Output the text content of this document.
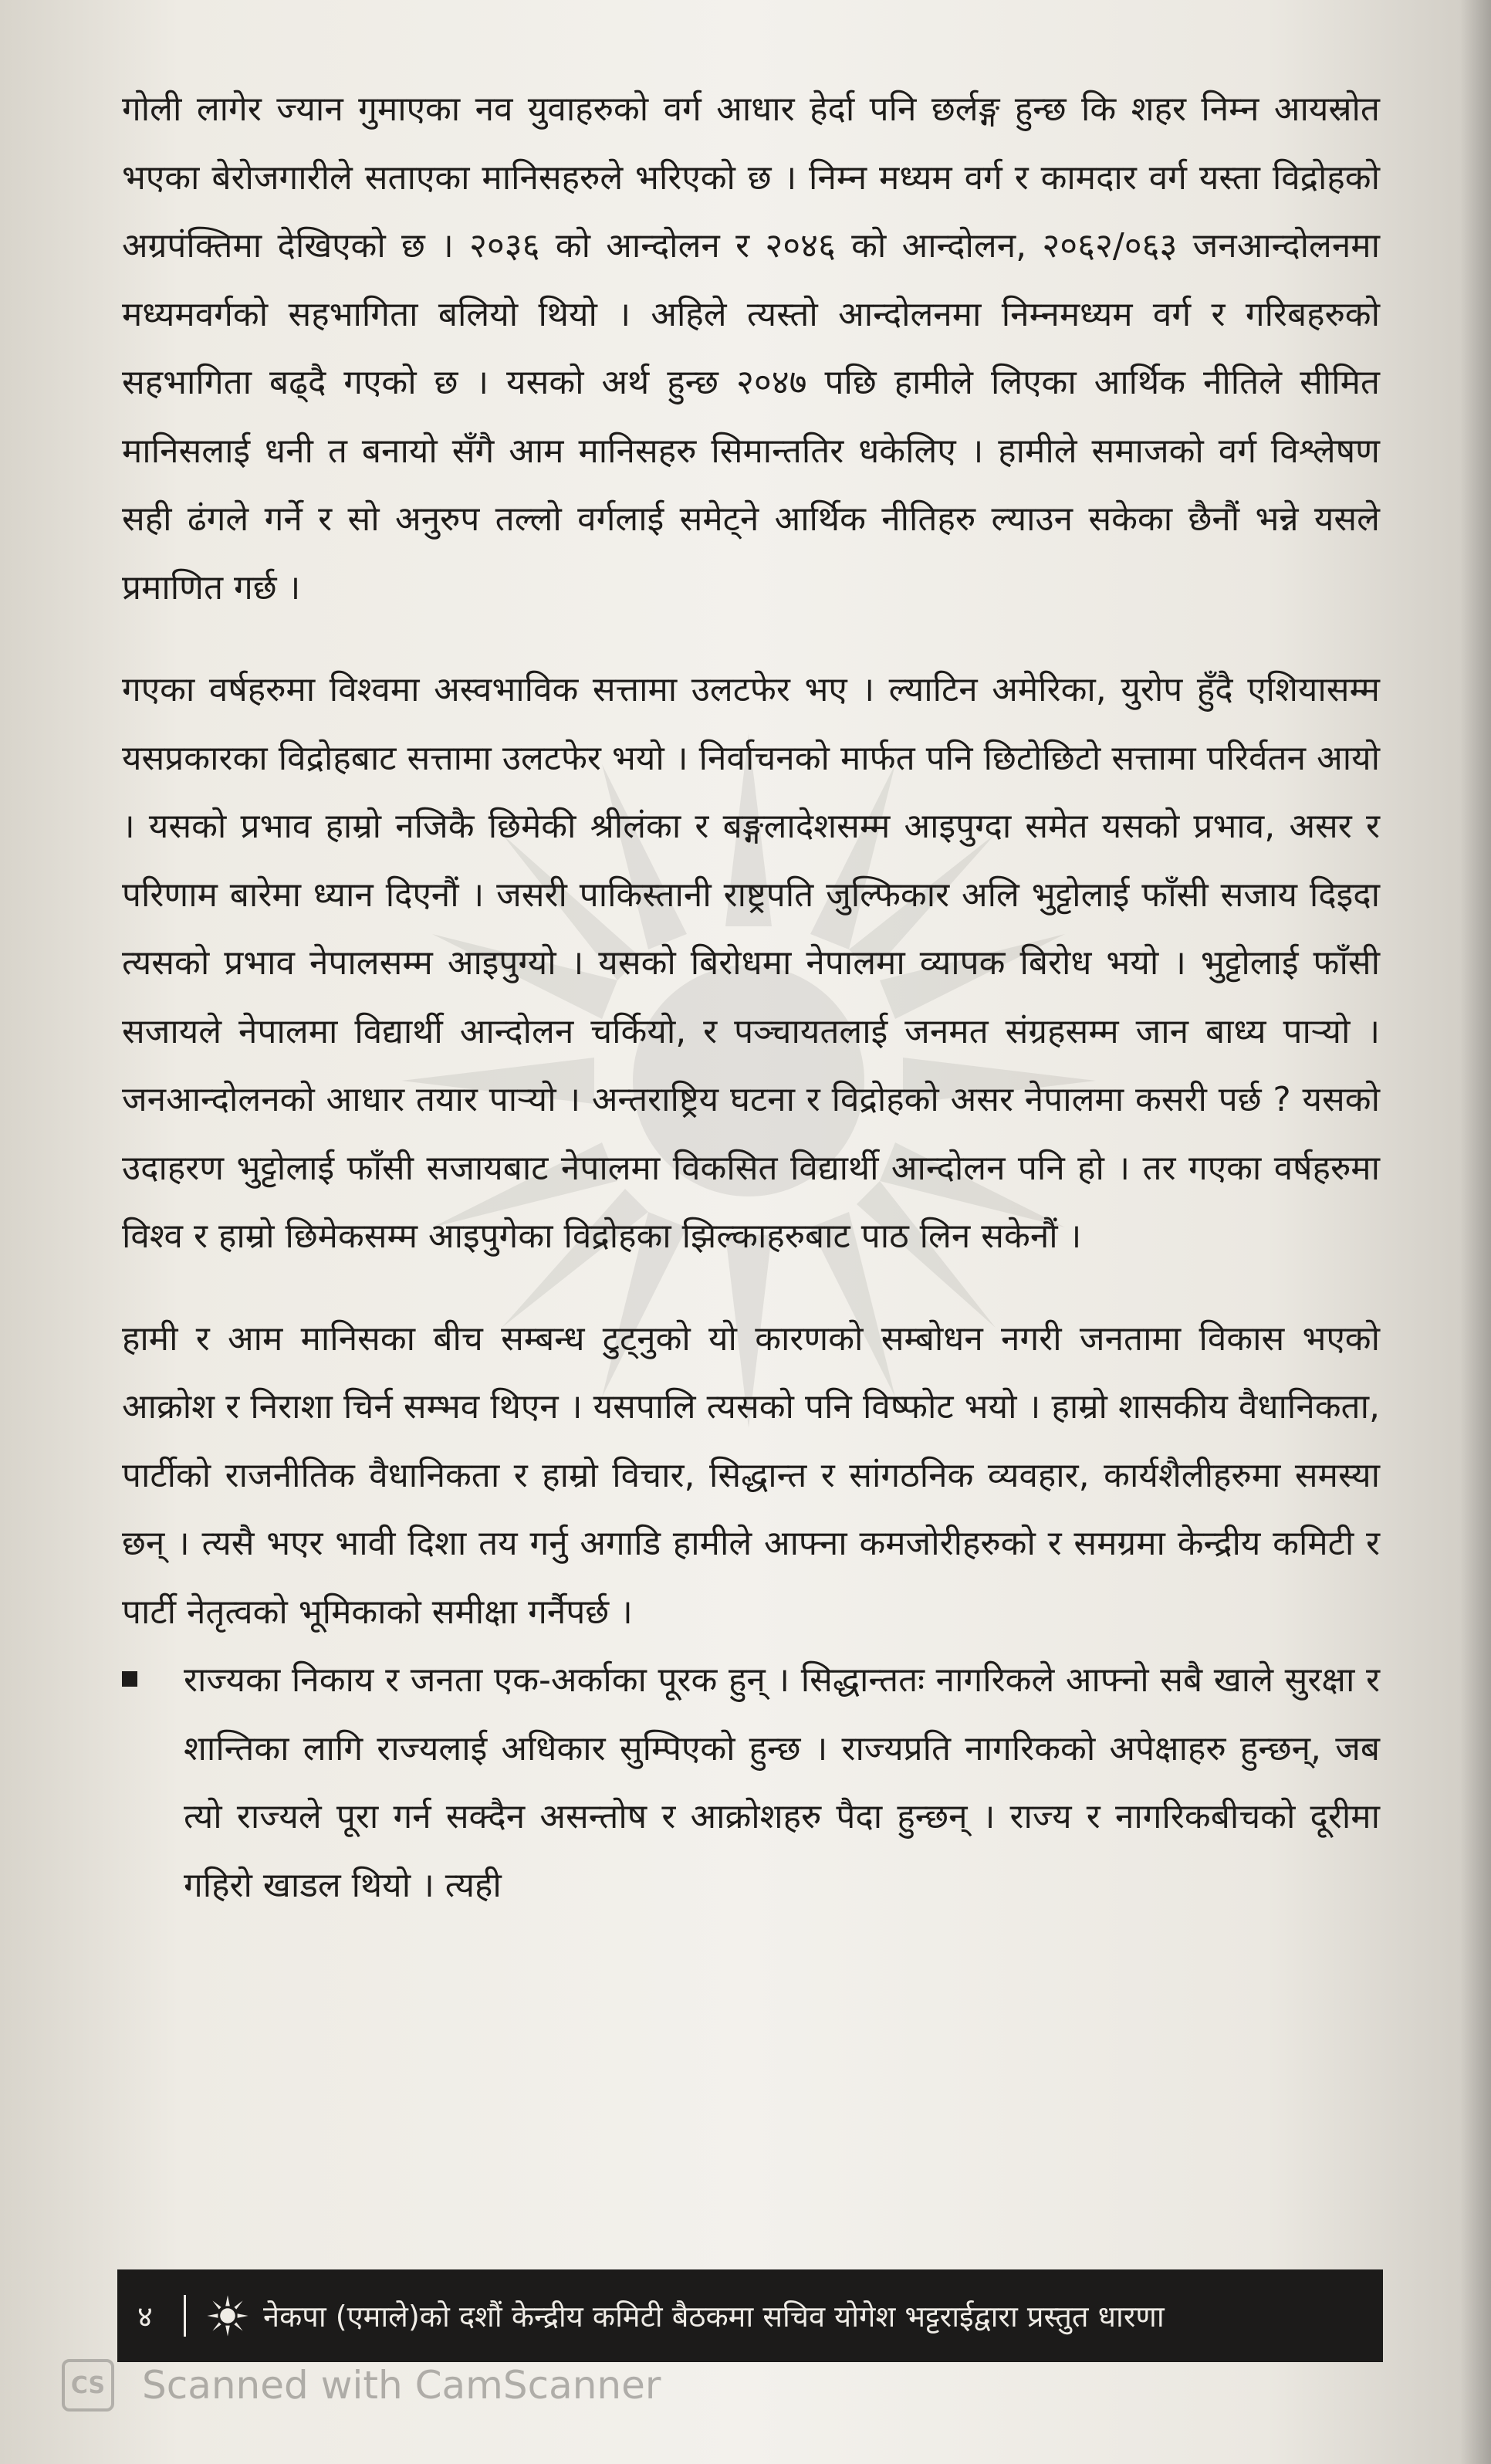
गोली लागेर ज्यान गुमाएका नव युवाहरुको वर्ग आधार हेर्दा पनि छर्लङ्ग हुन्छ कि शहर निम्न आयस्रोत भएका बेरोजगारीले सताएका मानिसहरुले भरिएको छ । निम्न मध्यम वर्ग र कामदार वर्ग यस्ता विद्रोहको अग्रपंक्तिमा देखिएको छ । २०३६ को आन्दोलन र २०४६ को आन्दोलन, २०६२/०६३ जनआन्दोलनमा मध्यमवर्गको सहभागिता बलियो थियो । अहिले त्यस्तो आन्दोलनमा निम्नमध्यम वर्ग र गरिबहरुको सहभागिता बढ्दै गएको छ । यसको अर्थ हुन्छ २०४७ पछि हामीले लिएका आर्थिक नीतिले सीमित मानिसलाई धनी त बनायो सँगै आम मानिसहरु सिमान्ततिर धकेलिए । हामीले समाजको वर्ग विश्लेषण सही ढंगले गर्ने र सो अनुरुप तल्लो वर्गलाई समेट्ने आर्थिक नीतिहरु ल्याउन सकेका छैनौं भन्ने यसले प्रमाणित गर्छ ।

गएका वर्षहरुमा विश्वमा अस्वभाविक सत्तामा उलटफेर भए । ल्याटिन अमेरिका, युरोप हुँदै एशियासम्म यसप्रकारका विद्रोहबाट सत्तामा उलटफेर भयो । निर्वाचनको मार्फत पनि छिटोछिटो सत्तामा परिर्वतन आयो । यसको प्रभाव हाम्रो नजिकै छिमेकी श्रीलंका र बङ्गलादेशसम्म आइपुग्दा समेत यसको प्रभाव, असर र परिणाम बारेमा ध्यान दिएनौं । जसरी पाकिस्तानी राष्ट्रपति जुल्फिकार अलि भुट्टोलाई फाँसी सजाय दिइदा त्यसको प्रभाव नेपालसम्म आइपुग्यो । यसको बिरोधमा नेपालमा व्यापक बिरोध भयो । भुट्टोलाई फाँसी सजायले नेपालमा विद्यार्थी आन्दोलन चर्कियो, र पञ्चायतलाई जनमत संग्रहसम्म जान बाध्य पाऱ्यो । जनआन्दोलनको आधार तयार पाऱ्यो । अन्तराष्ट्रिय घटना र विद्रोहको असर नेपालमा कसरी पर्छ ? यसको उदाहरण भुट्टोलाई फाँसी सजायबाट नेपालमा विकसित विद्यार्थी आन्दोलन पनि हो । तर गएका वर्षहरुमा विश्व र हाम्रो छिमेकसम्म आइपुगेका विद्रोहका झिल्काहरुबाट पाठ लिन सकेनौं ।

हामी र आम मानिसका बीच सम्बन्ध टुट्नुको यो कारणको सम्बोधन नगरी जनतामा विकास भएको आक्रोश र निराशा चिर्न सम्भव थिएन । यसपालि त्यसको पनि विष्फोट भयो । हाम्रो शासकीय वैधानिकता, पार्टीको राजनीतिक वैधानिकता र हाम्रो विचार, सिद्धान्त र सांगठनिक व्यवहार, कार्यशैलीहरुमा समस्या छन् । त्यसै भएर भावी दिशा तय गर्नु अगाडि हामीले आफ्ना कमजोरीहरुको र समग्रमा केन्द्रीय कमिटी र पार्टी नेतृत्वको भूमिकाको समीक्षा गर्नैपर्छ ।

राज्यका निकाय र जनता एक-अर्काका पूरक हुन् । सिद्धान्ततः नागरिकले आफ्नो सबै खाले सुरक्षा र शान्तिका लागि राज्यलाई अधिकार सुम्पिएको हुन्छ । राज्यप्रति नागरिकको अपेक्षाहरु हुन्छन्, जब त्यो राज्यले पूरा गर्न सक्दैन असन्तोष र आक्रोशहरु पैदा हुन्छन् । राज्य र नागरिकबीचको दूरीमा गहिरो खाडल थियो । त्यही
४	नेकपा (एमाले)को दशौं केन्द्रीय कमिटी बैठकमा सचिव योगेश भट्टराईद्वारा प्रस्तुत धारणा
CS Scanned with CamScanner
